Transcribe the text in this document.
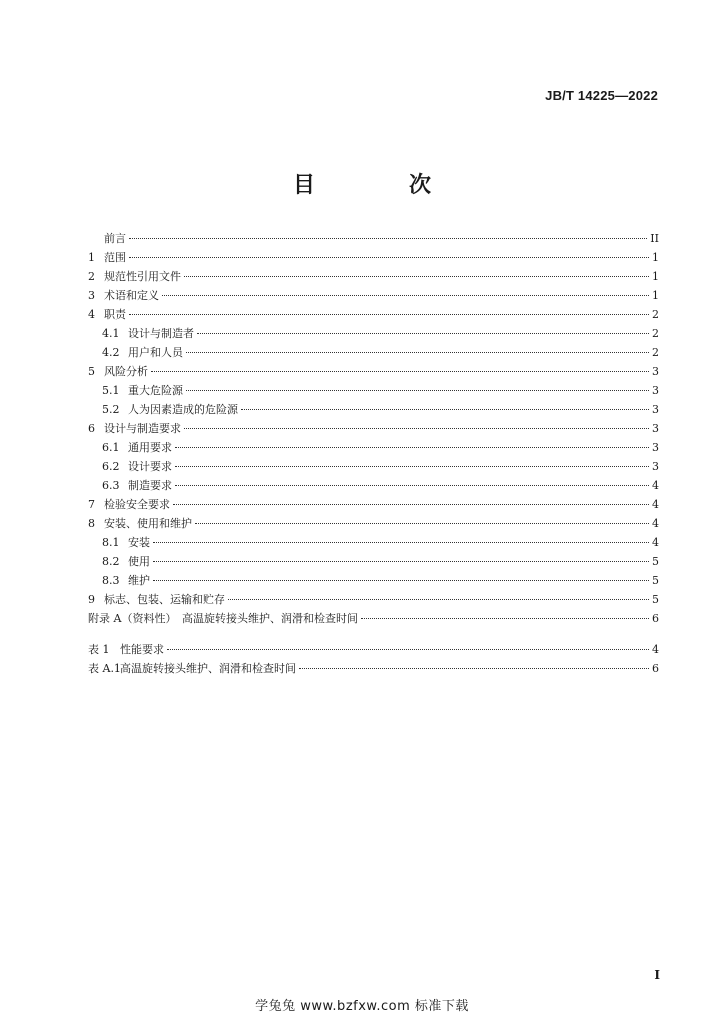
JB/T 14225—2022
目　次
前言	II
1 范围	1
2 规范性引用文件	1
3 术语和定义	1
4 职责	2
4.1 设计与制造者	2
4.2 用户和人员	2
5 风险分析	3
5.1 重大危险源	3
5.2 人为因素造成的危险源	3
6 设计与制造要求	3
6.1 通用要求	3
6.2 设计要求	3
6.3 制造要求	4
7 检验安全要求	4
8 安装、使用和维护	4
8.1 安装	4
8.2 使用	5
8.3 维护	5
9 标志、包装、运输和贮存	5
附录 A（资料性）　高温旋转接头维护、润滑和检查时间	6
表 1 性能要求	4
表 A.1 高温旋转接头维护、润滑和检查时间	6
I
学兔兔 www.bzfxw.com 标准下载
